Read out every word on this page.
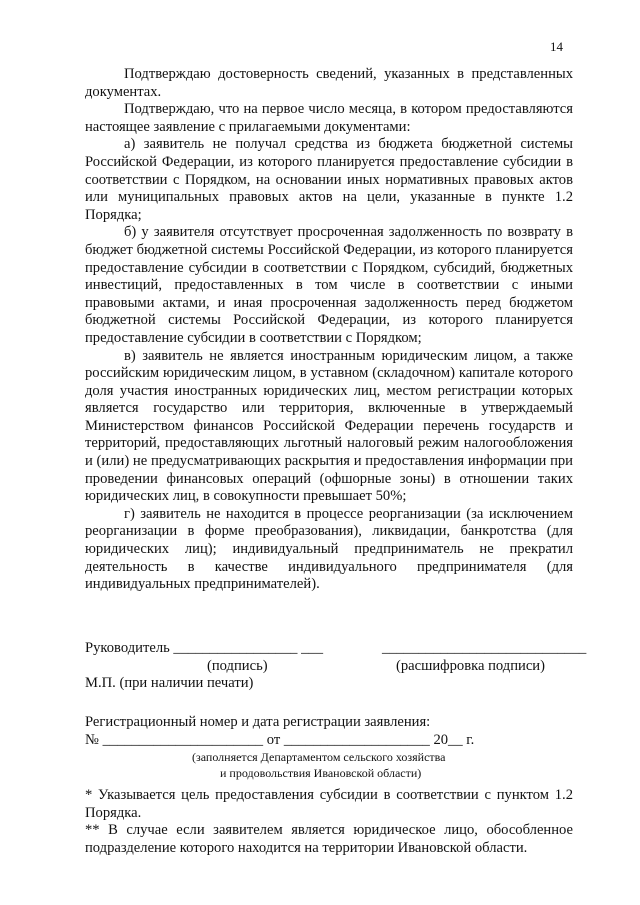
14

Подтверждаю достоверность сведений, указанных в представленных документах.

Подтверждаю, что на первое число месяца, в котором предоставляются настоящее заявление с прилагаемыми документами:

а) заявитель не получал средства из бюджета бюджетной системы Российской Федерации, из которого планируется предоставление субсидии в соответствии с Порядком, на основании иных нормативных правовых актов или муниципальных правовых актов на цели, указанные в пункте 1.2 Порядка;

б) у заявителя отсутствует просроченная задолженность по возврату в бюджет бюджетной системы Российской Федерации, из которого планируется предоставление субсидии в соответствии с Порядком, субсидий, бюджетных инвестиций, предоставленных в том числе в соответствии с иными правовыми актами, и иная просроченная задолженность перед бюджетом бюджетной системы Российской Федерации, из которого планируется предоставление субсидии в соответствии с Порядком;

в) заявитель не является иностранным юридическим лицом, а также российским юридическим лицом, в уставном (складочном) капитале которого доля участия иностранных юридических лиц, местом регистрации которых является государство или территория, включенные в утверждаемый Министерством финансов Российской Федерации перечень государств и территорий, предоставляющих льготный налоговый режим налогообложения и (или) не предусматривающих раскрытия и предоставления информации при проведении финансовых операций (офшорные зоны) в отношении таких юридических лиц, в совокупности превышает 50%;

г) заявитель не находится в процессе реорганизации (за исключением реорганизации в форме преобразования), ликвидации, банкротства (для юридических лиц); индивидуальный предприниматель не прекратил деятельность в качестве индивидуального предпринимателя (для индивидуальных предпринимателей).

Руководитель _________________ ___	____________________________
(подпись)	(расшифровка подписи)
М.П. (при наличии печати)
Регистрационный номер и дата регистрации заявления:
№ ______________________ от ____________________ 20__ г.
(заполняется Департаментом сельского хозяйства
и продовольствия Ивановской области)

* Указывается цель предоставления субсидии в соответствии с пунктом 1.2 Порядка.

** В случае если заявителем является юридическое лицо, обособленное подразделение которого находится на территории Ивановской области.
